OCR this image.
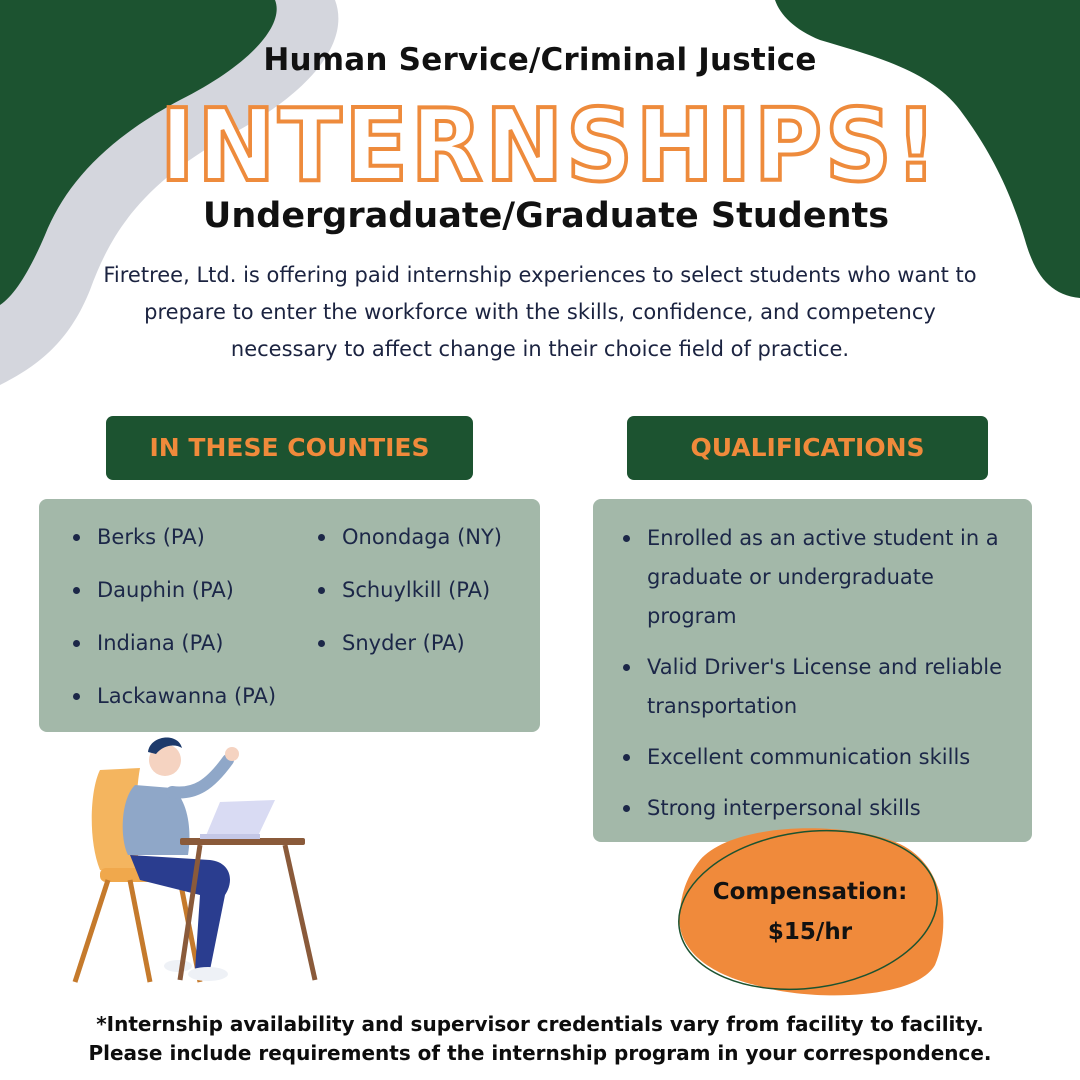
Human Service/Criminal Justice
INTERNSHIPS!
Undergraduate/Graduate Students
Firetree, Ltd. is offering paid internship experiences to select students who want to prepare to enter the workforce with the skills, confidence, and competency necessary to affect change in their choice field of practice.
IN THESE COUNTIES
Berks (PA)
Dauphin (PA)
Indiana (PA)
Lackawanna (PA)
Onondaga (NY)
Schuylkill (PA)
Snyder (PA)
QUALIFICATIONS
Enrolled as an active student in a graduate or undergraduate program
Valid Driver's License and reliable transportation
Excellent communication skills
Strong interpersonal skills
Compensation:
$15/hr
*Internship availability and supervisor credentials vary from facility to facility.
Please include requirements of the internship program in your correspondence.
